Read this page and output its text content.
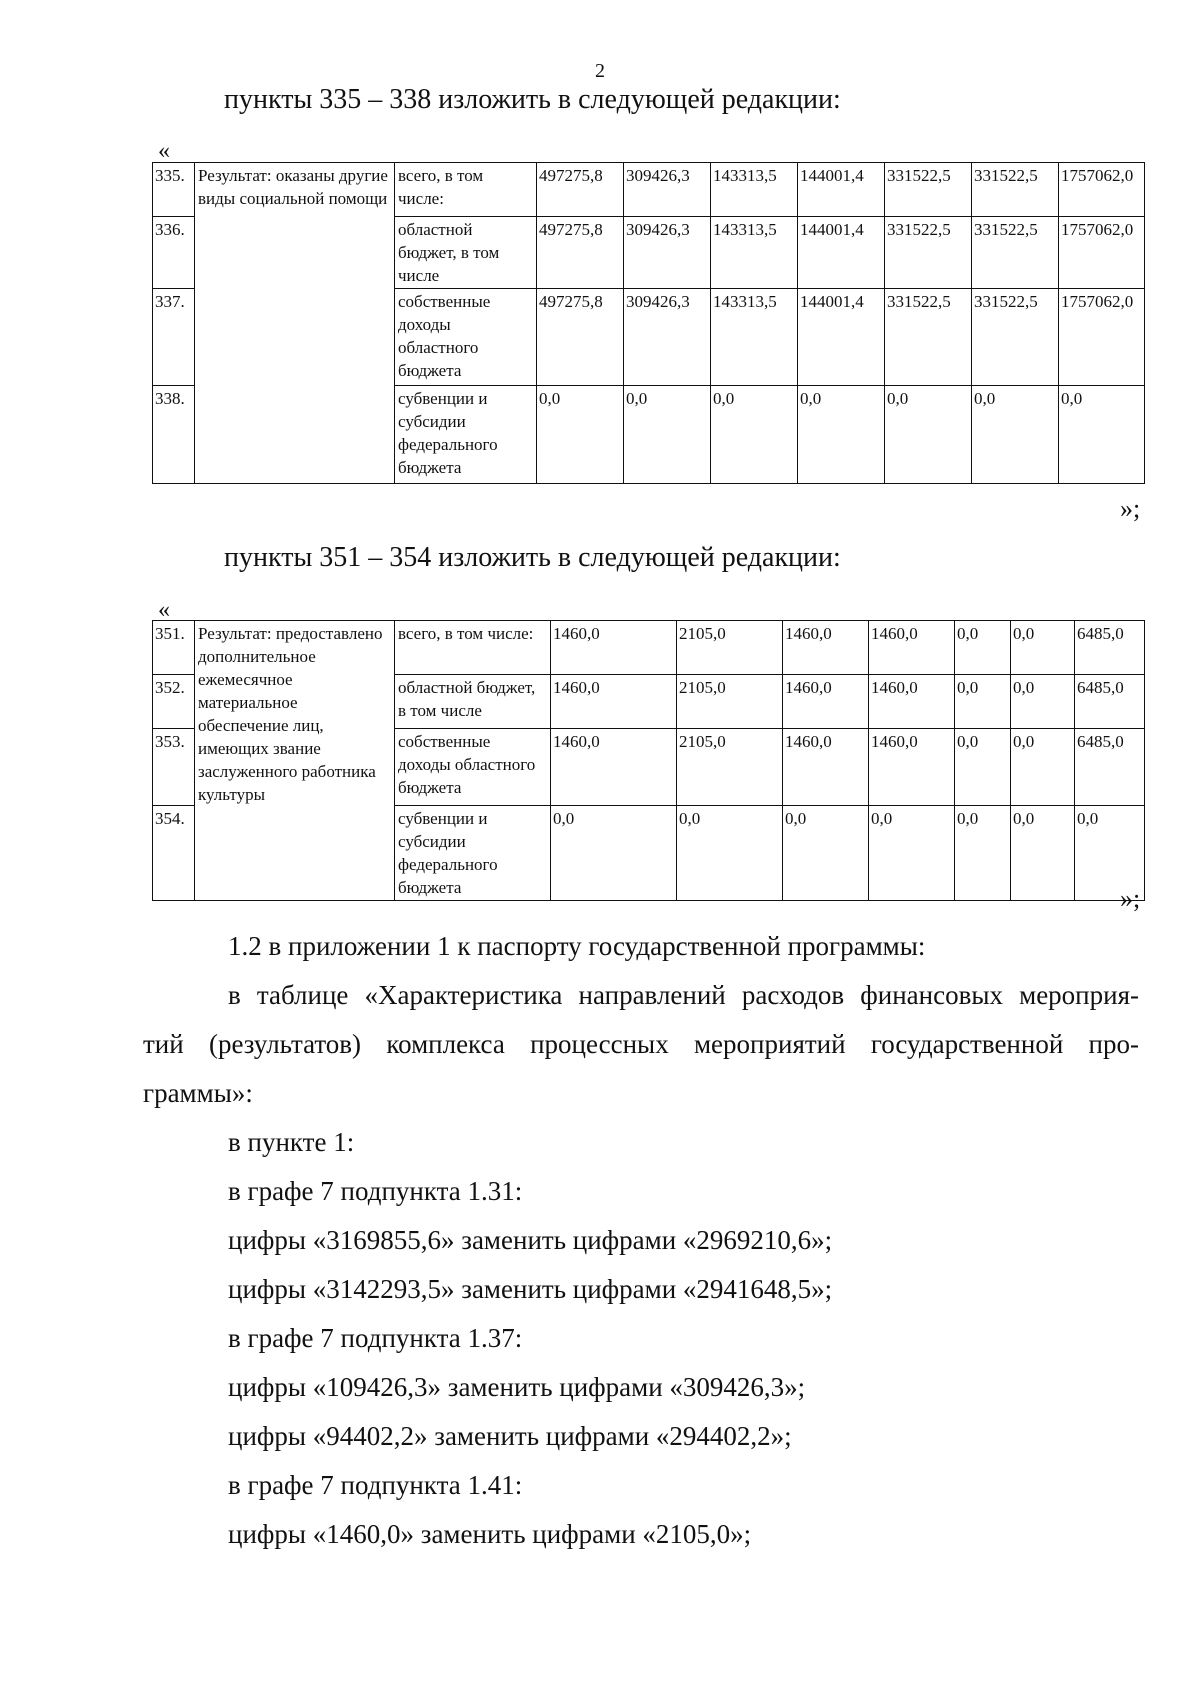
2
пункты 335 – 338 изложить в следующей редакции:
«
335.	Результат: оказаны другие виды социальной помощи	всего, в том числе:	497275,8	309426,3	143313,5	144001,4	331522,5	331522,5	1757062,0
336.		областной бюджет, в том числе	497275,8	309426,3	143313,5	144001,4	331522,5	331522,5	1757062,0
337.		собственные доходы областного бюджета	497275,8	309426,3	143313,5	144001,4	331522,5	331522,5	1757062,0
338.		субвенции и субсидии федерального бюджета	0,0	0,0	0,0	0,0	0,0	0,0	0,0
»;
пункты 351 – 354 изложить в следующей редакции:
«
351.	Результат: предоставлено дополнительное ежемесячное материальное обеспечение лиц, имеющих звание заслуженного работника культуры	всего, в том числе:	1460,0	2105,0	1460,0	1460,0	0,0	0,0	6485,0
352.		областной бюджет, в том числе	1460,0	2105,0	1460,0	1460,0	0,0	0,0	6485,0
353.		собственные доходы областного бюджета	1460,0	2105,0	1460,0	1460,0	0,0	0,0	6485,0
354.		субвенции и субсидии федерального бюджета	0,0	0,0	0,0	0,0	0,0	0,0	0,0
»;
1.2 в приложении 1 к паспорту государственной программы:
в таблице «Характеристика направлений расходов финансовых мероприя-
тий (результатов) комплекса процессных мероприятий государственной про-
граммы»:
в пункте 1:
в графе 7 подпункта 1.31:
цифры «3169855,6» заменить цифрами «2969210,6»;
цифры «3142293,5» заменить цифрами «2941648,5»;
в графе 7 подпункта 1.37:
цифры «109426,3» заменить цифрами «309426,3»;
цифры «94402,2» заменить цифрами «294402,2»;
в графе 7 подпункта 1.41:
цифры «1460,0» заменить цифрами «2105,0»;
